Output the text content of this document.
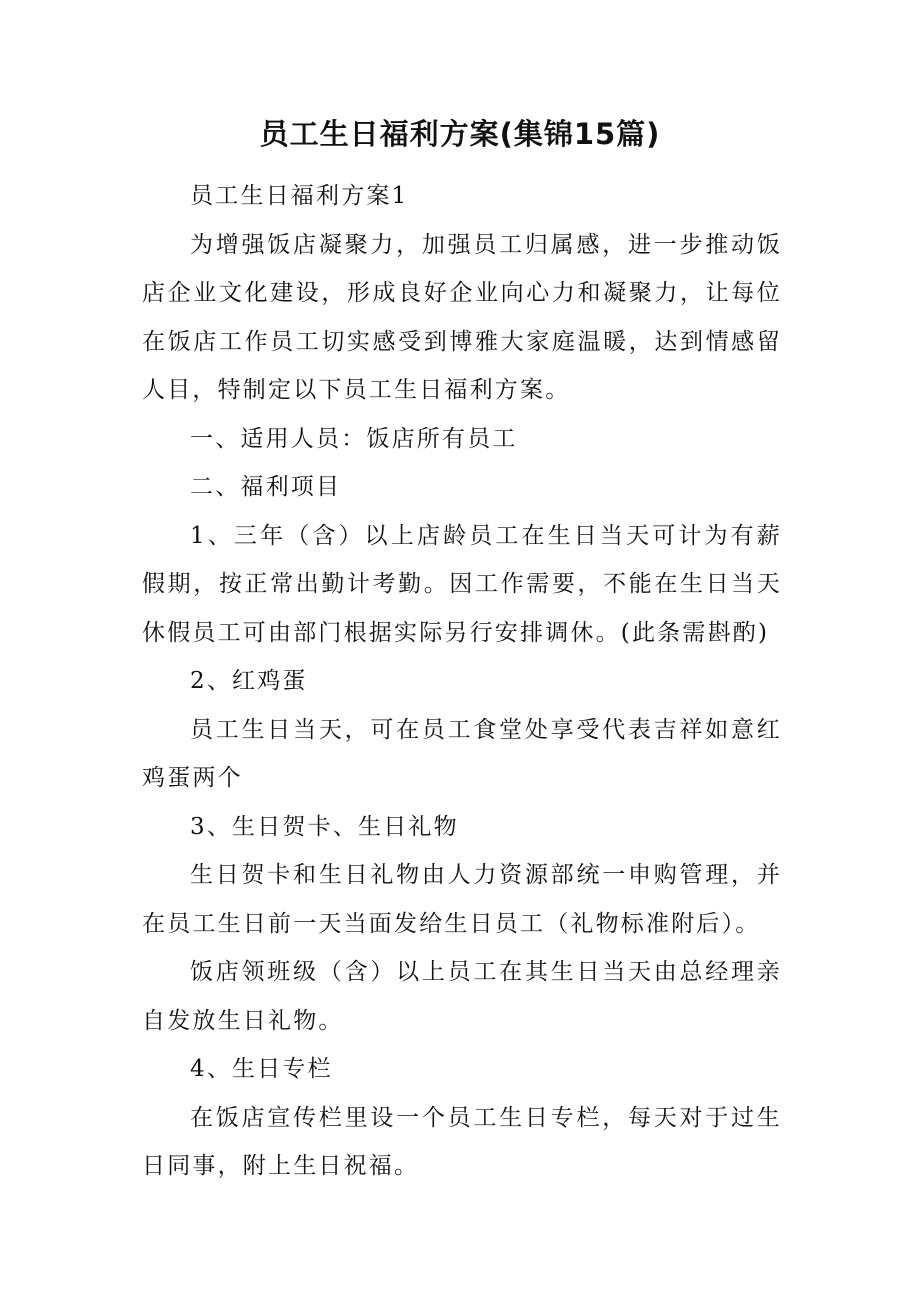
员工生日福利方案(集锦15篇)

员工生日福利方案1

为增强饭店凝聚力，加强员工归属感，进一步推动饭店企业文化建设，形成良好企业向心力和凝聚力，让每位在饭店工作员工切实感受到博雅大家庭温暖，达到情感留人目，特制定以下员工生日福利方案。

一、适用人员：饭店所有员工

二、福利项目

1、三年（含）以上店龄员工在生日当天可计为有薪假期，按正常出勤计考勤。因工作需要，不能在生日当天休假员工可由部门根据实际另行安排调休。(此条需斟酌)

2、红鸡蛋

员工生日当天，可在员工食堂处享受代表吉祥如意红鸡蛋两个

3、生日贺卡、生日礼物

生日贺卡和生日礼物由人力资源部统一申购管理，并在员工生日前一天当面发给生日员工（礼物标准附后）。

饭店领班级（含）以上员工在其生日当天由总经理亲自发放生日礼物。

4、生日专栏

在饭店宣传栏里设一个员工生日专栏，每天对于过生日同事，附上生日祝福。
